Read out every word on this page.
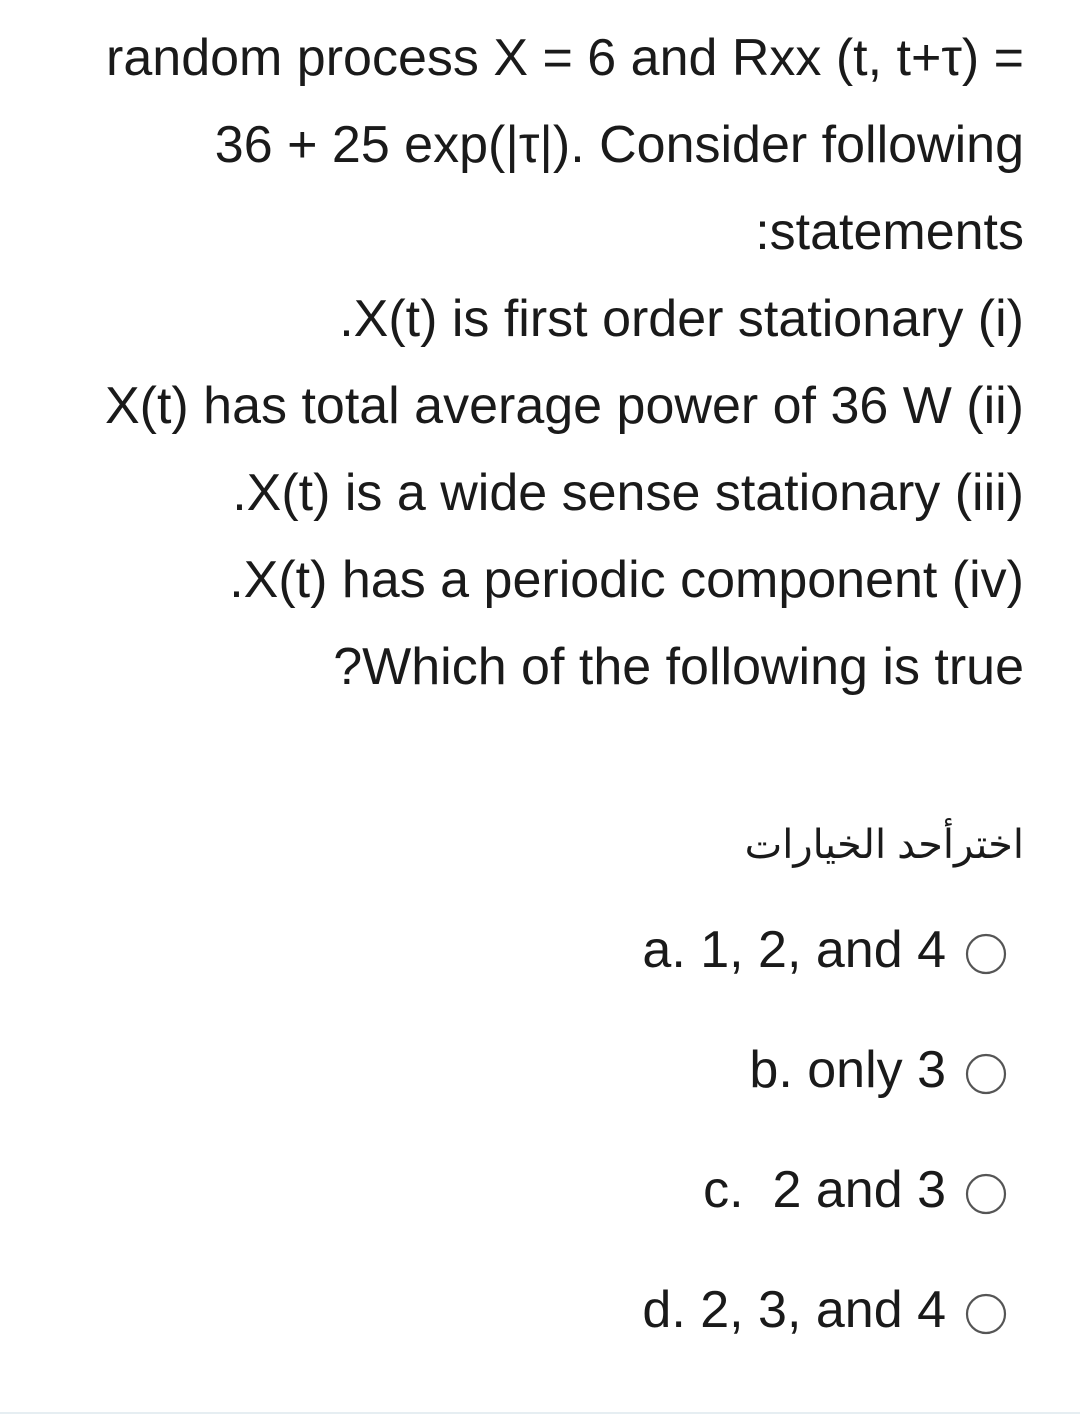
random process X = 6 and Rxx (t, t+τ) =
36 + 25 exp(|τ|). Consider following
:statements
.X(t) is first order stationary (i)
X(t) has total average power of 36 W (ii)
.X(t) is a wide sense stationary (iii)
.X(t) has a periodic component (iv)
?Which of the following is true
اخترأحد الخيارات
a. 1, 2, and 4
b. only 3
c.  2 and 3
d. 2, 3, and 4
